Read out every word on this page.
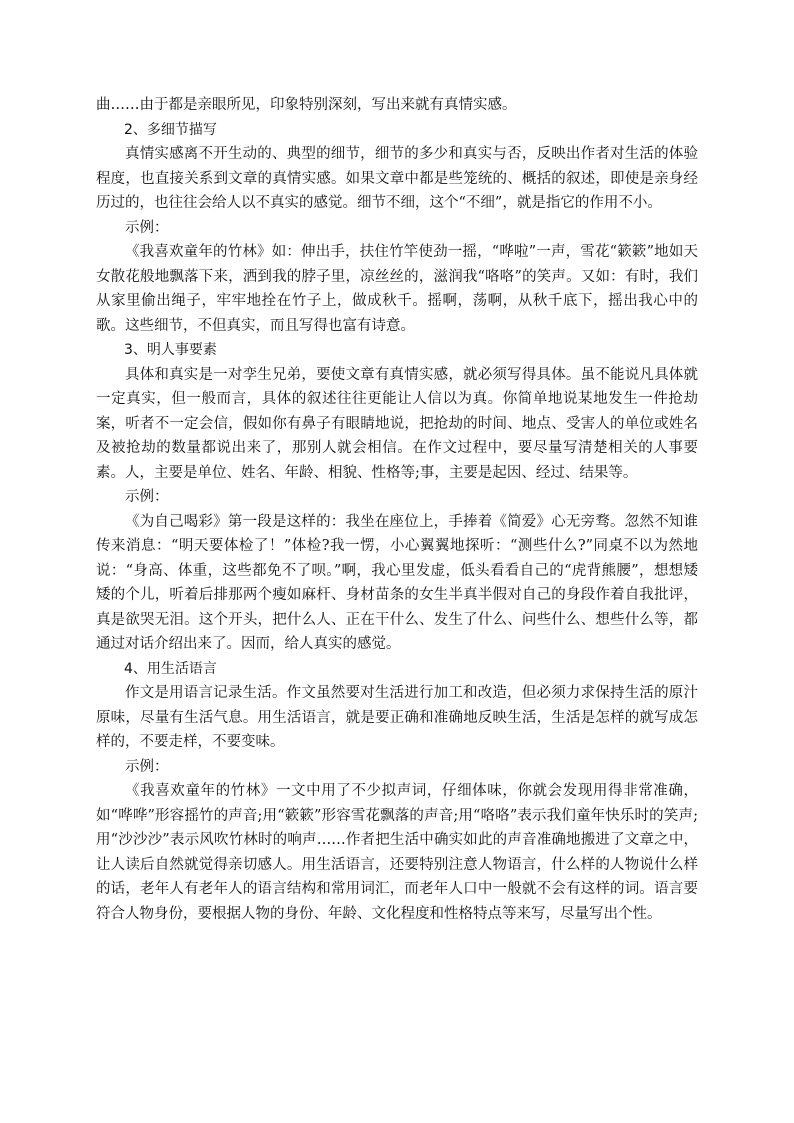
曲……由于都是亲眼所见，印象特别深刻，写出来就有真情实感。

2、多细节描写

真情实感离不开生动的、典型的细节，细节的多少和真实与否，反映出作者对生活的体验程度，也直接关系到文章的真情实感。如果文章中都是些笼统的、概括的叙述，即使是亲身经历过的，也往往会给人以不真实的感觉。细节不细，这个“不细”，就是指它的作用不小。

示例：

《我喜欢童年的竹林》如：伸出手，扶住竹竿使劲一摇，“哗啦”一声，雪花“簌簌”地如天女散花般地飘落下来，洒到我的脖子里，凉丝丝的，滋润我“咯咯”的笑声。又如：有时，我们从家里偷出绳子，牢牢地拴在竹子上，做成秋千。摇啊，荡啊，从秋千底下，摇出我心中的歌。这些细节，不但真实，而且写得也富有诗意。

3、明人事要素

具体和真实是一对孪生兄弟，要使文章有真情实感，就必须写得具体。虽不能说凡具体就一定真实，但一般而言，具体的叙述往往更能让人信以为真。你简单地说某地发生一件抢劫案，听者不一定会信，假如你有鼻子有眼睛地说，把抢劫的时间、地点、受害人的单位或姓名及被抢劫的数量都说出来了，那别人就会相信。在作文过程中，要尽量写清楚相关的人事要素。人，主要是单位、姓名、年龄、相貌、性格等;事，主要是起因、经过、结果等。

示例：

《为自己喝彩》第一段是这样的：我坐在座位上，手捧着《简爱》心无旁骛。忽然不知谁传来消息：“明天要体检了！”体检?我一愣，小心翼翼地探听：“测些什么?”同桌不以为然地说：“身高、体重，这些都免不了呗。”啊，我心里发虚，低头看看自己的“虎背熊腰”，想想矮矮的个儿，听着后排那两个瘦如麻杆、身材苗条的女生半真半假对自己的身段作着自我批评，真是欲哭无泪。这个开头，把什么人、正在干什么、发生了什么、问些什么、想些什么等，都通过对话介绍出来了。因而，给人真实的感觉。

4、用生活语言

作文是用语言记录生活。作文虽然要对生活进行加工和改造，但必须力求保持生活的原汁原味，尽量有生活气息。用生活语言，就是要正确和准确地反映生活，生活是怎样的就写成怎样的，不要走样，不要变味。

示例：

《我喜欢童年的竹林》一文中用了不少拟声词，仔细体味，你就会发现用得非常准确，如“哗哗”形容摇竹的声音;用“簌簌”形容雪花飘落的声音;用“咯咯”表示我们童年快乐时的笑声;用“沙沙沙”表示风吹竹林时的响声……作者把生活中确实如此的声音准确地搬进了文章之中，让人读后自然就觉得亲切感人。用生活语言，还要特别注意人物语言，什么样的人物说什么样的话，老年人有老年人的语言结构和常用词汇，而老年人口中一般就不会有这样的词。语言要符合人物身份，要根据人物的身份、年龄、文化程度和性格特点等来写，尽量写出个性。
